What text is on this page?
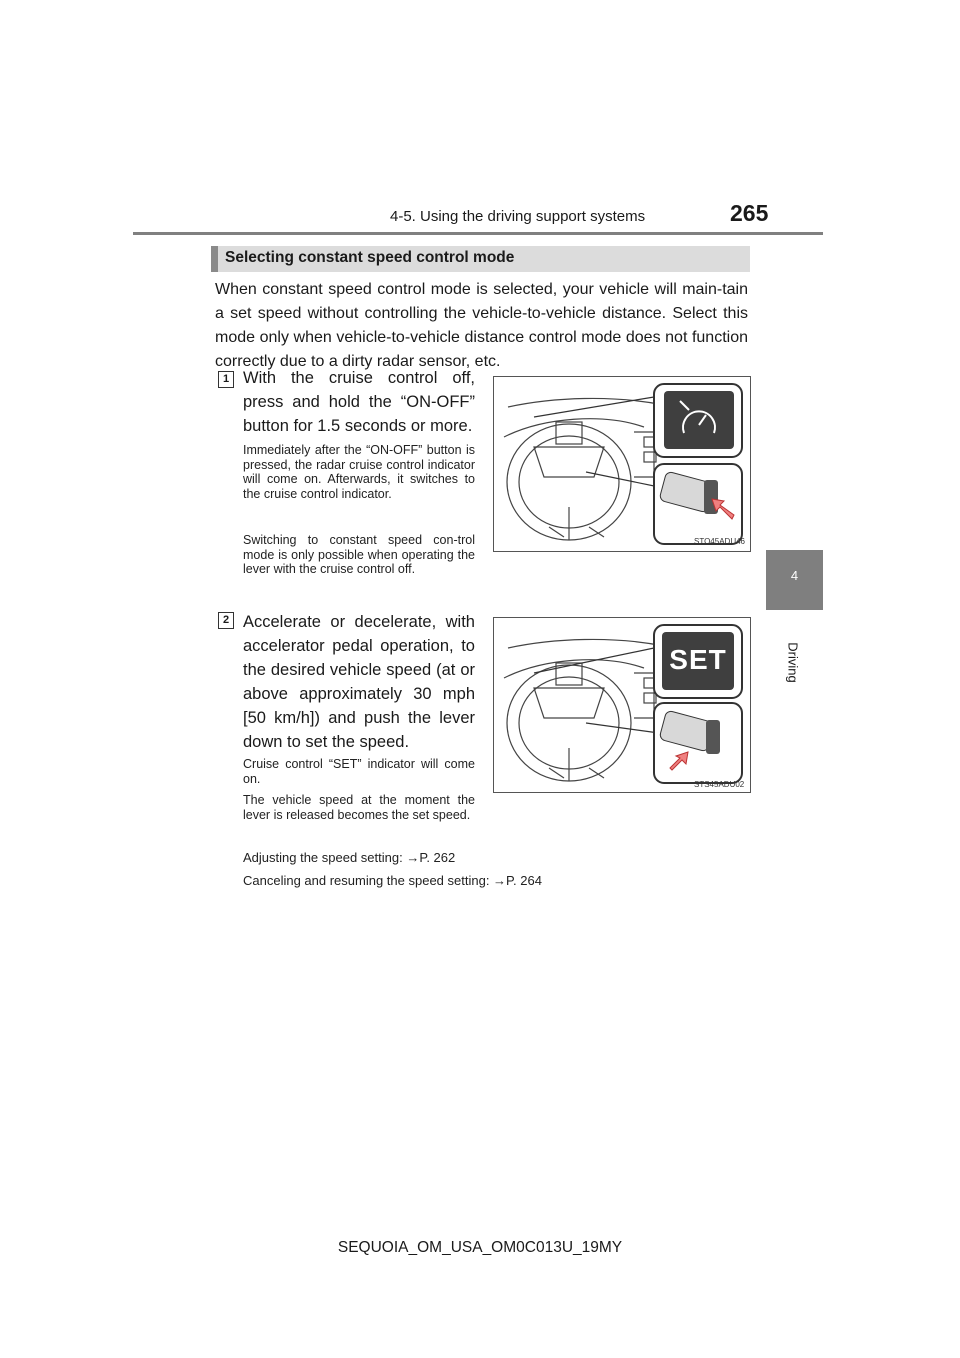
4-5. Using the driving support systems	265
4
Driving
Selecting constant speed control mode
When constant speed control mode is selected, your vehicle will main-tain a set speed without controlling the vehicle-to-vehicle distance. Select this mode only when vehicle-to-vehicle distance control mode does not function correctly due to a dirty radar sensor, etc.
1 With the cruise control off, press and hold the “ON-OFF” button for 1.5 seconds or more.
Immediately after the “ON-OFF” button is pressed, the radar cruise control indicator will come on. Afterwards, it switches to the cruise control indicator.
Switching to constant speed con-trol mode is only possible when operating the lever with the cruise control off.
STO45ADU46
2 Accelerate or decelerate, with accelerator pedal operation, to the desired vehicle speed (at or above approximately 30 mph [50 km/h]) and push the lever down to set the speed.
Cruise control “SET” indicator will come on.
The vehicle speed at the moment the lever is released becomes the set speed.
SET
STS45ADU02
Adjusting the speed setting: →P. 262
Canceling and resuming the speed setting: →P. 264
SEQUOIA_OM_USA_OM0C013U_19MY
